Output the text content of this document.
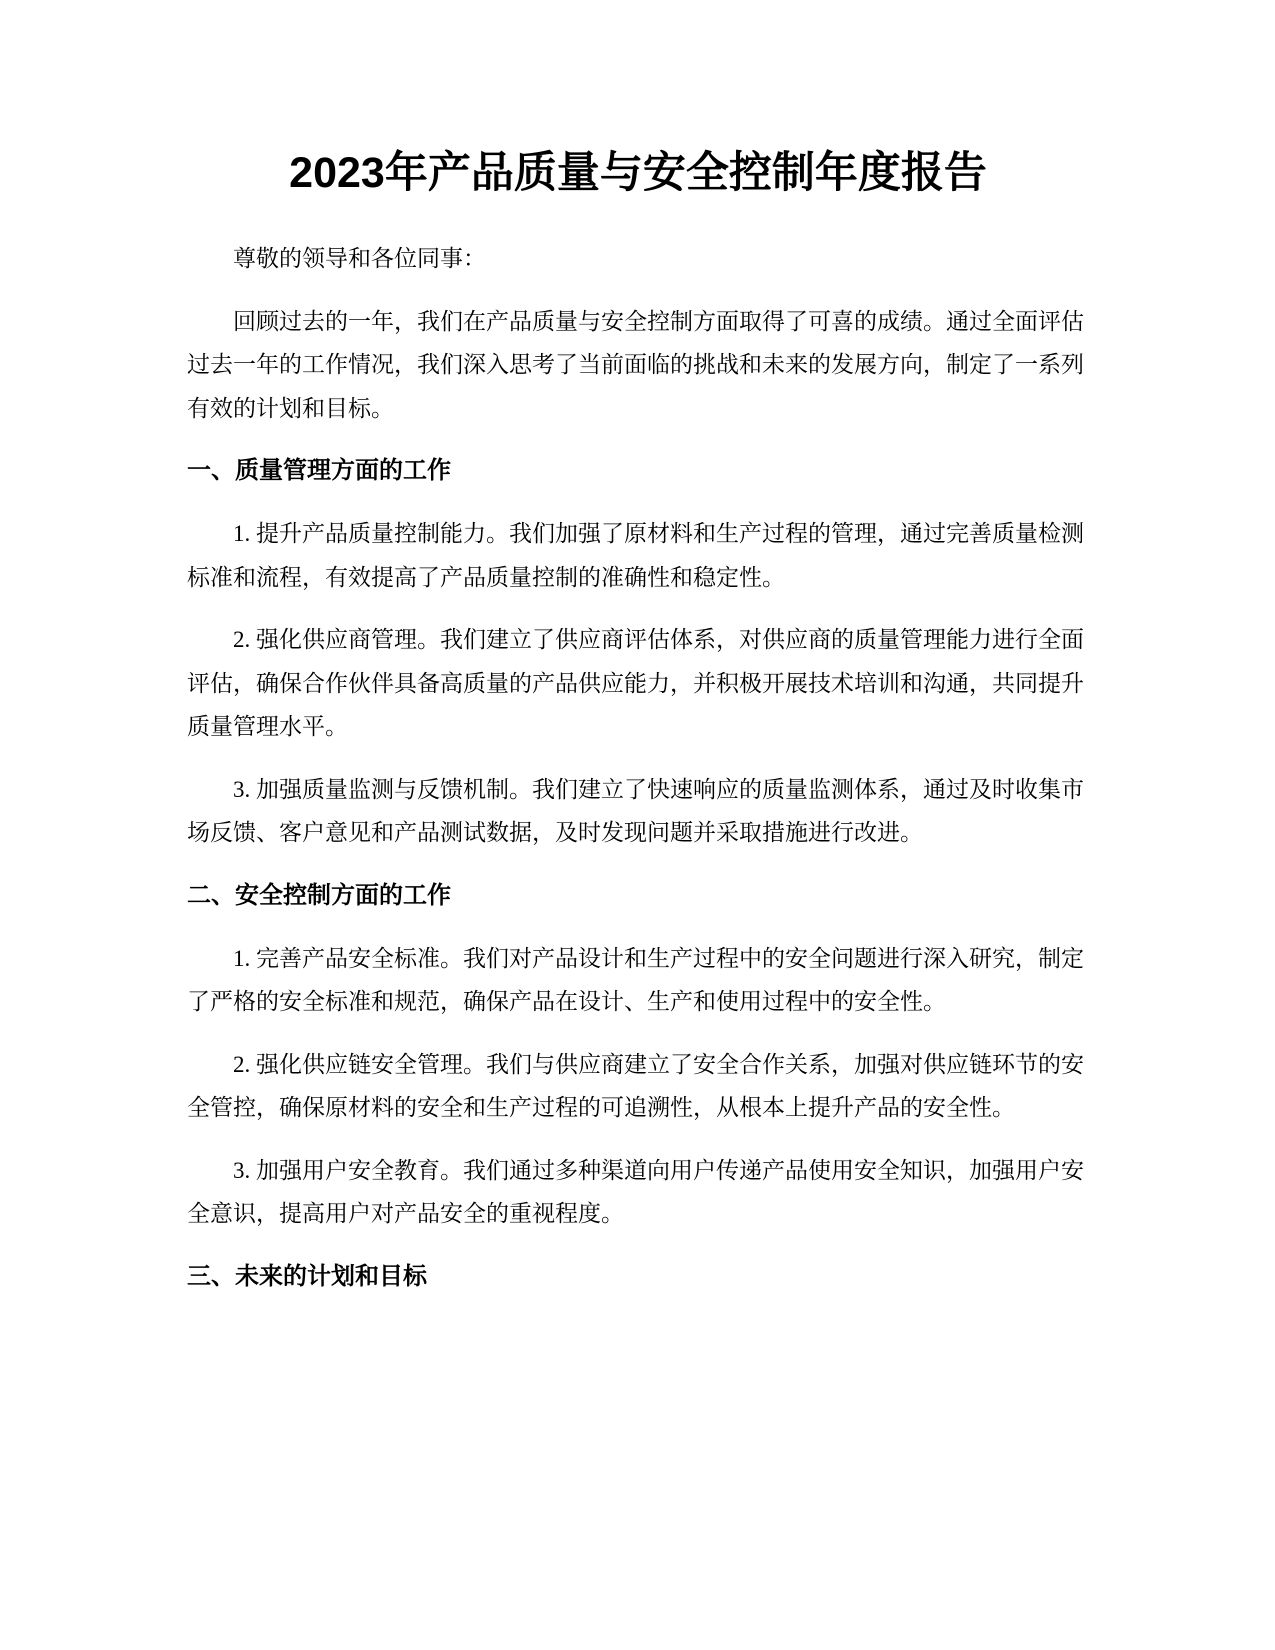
2023年产品质量与安全控制年度报告

尊敬的领导和各位同事：

回顾过去的一年，我们在产品质量与安全控制方面取得了可喜的成绩。通过全面评估过去一年的工作情况，我们深入思考了当前面临的挑战和未来的发展方向，制定了一系列有效的计划和目标。

一、质量管理方面的工作

1. 提升产品质量控制能力。我们加强了原材料和生产过程的管理，通过完善质量检测标准和流程，有效提高了产品质量控制的准确性和稳定性。

2. 强化供应商管理。我们建立了供应商评估体系，对供应商的质量管理能力进行全面评估，确保合作伙伴具备高质量的产品供应能力，并积极开展技术培训和沟通，共同提升质量管理水平。

3. 加强质量监测与反馈机制。我们建立了快速响应的质量监测体系，通过及时收集市场反馈、客户意见和产品测试数据，及时发现问题并采取措施进行改进。

二、安全控制方面的工作

1. 完善产品安全标准。我们对产品设计和生产过程中的安全问题进行深入研究，制定了严格的安全标准和规范，确保产品在设计、生产和使用过程中的安全性。

2. 强化供应链安全管理。我们与供应商建立了安全合作关系，加强对供应链环节的安全管控，确保原材料的安全和生产过程的可追溯性，从根本上提升产品的安全性。

3. 加强用户安全教育。我们通过多种渠道向用户传递产品使用安全知识，加强用户安全意识，提高用户对产品安全的重视程度。

三、未来的计划和目标
